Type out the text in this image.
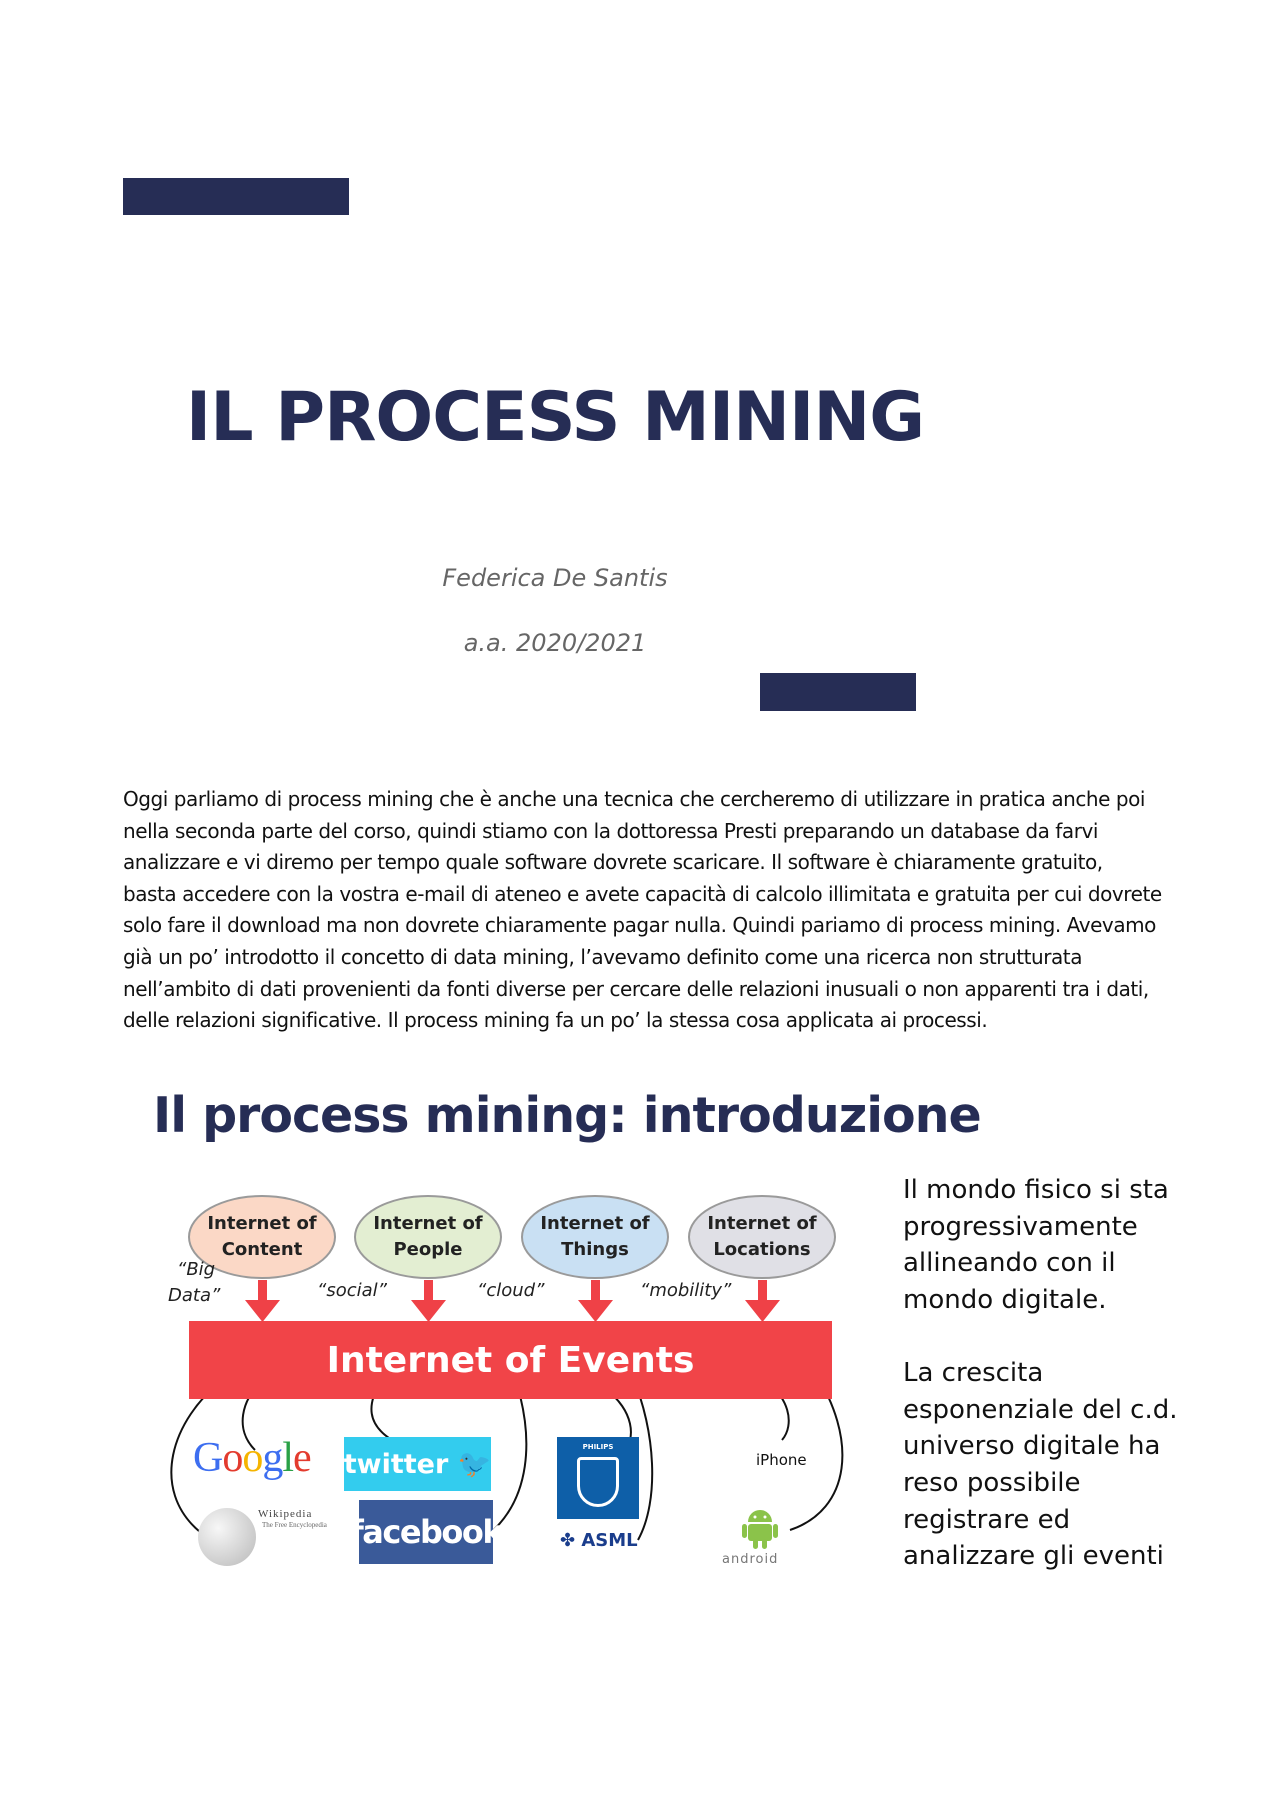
IL PROCESS MINING
Federica De Santis
a.a. 2020/2021
Oggi parliamo di process mining che è anche una tecnica che cercheremo di utilizzare in pratica anche poi
nella seconda parte del corso, quindi stiamo con la dottoressa Presti preparando un database da farvi
analizzare e vi diremo per tempo quale software dovrete scaricare. Il software è chiaramente gratuito,
basta accedere con la vostra e-mail di ateneo e avete capacità di calcolo illimitata e gratuita per cui dovrete
solo fare il download ma non dovrete chiaramente pagar nulla. Quindi pariamo di process mining. Avevamo
già un po’ introdotto il concetto di data mining, l’avevamo definito come una ricerca non strutturata
nell’ambito di dati provenienti da fonti diverse per cercare delle relazioni inusuali o non apparenti tra i dati,
delle relazioni significative. Il process mining fa un po’ la stessa cosa applicata ai processi.
Il process mining: introduzione
Internet of
Content
Internet of
People
Internet of
Things
Internet of
Locations
“Big
Data”	“social”	“cloud”	“mobility”
Internet of Events
Google
Wikipedia
The Free Encyclopedia
twitter
🐦
facebook
PHILIPS
✤ ASML
iPhone
android
Il mondo fisico si sta
progressivamente
allineando con il
mondo digitale.
La crescita
esponenziale del c.d.
universo digitale ha
reso possibile
registrare ed
analizzare gli eventi
